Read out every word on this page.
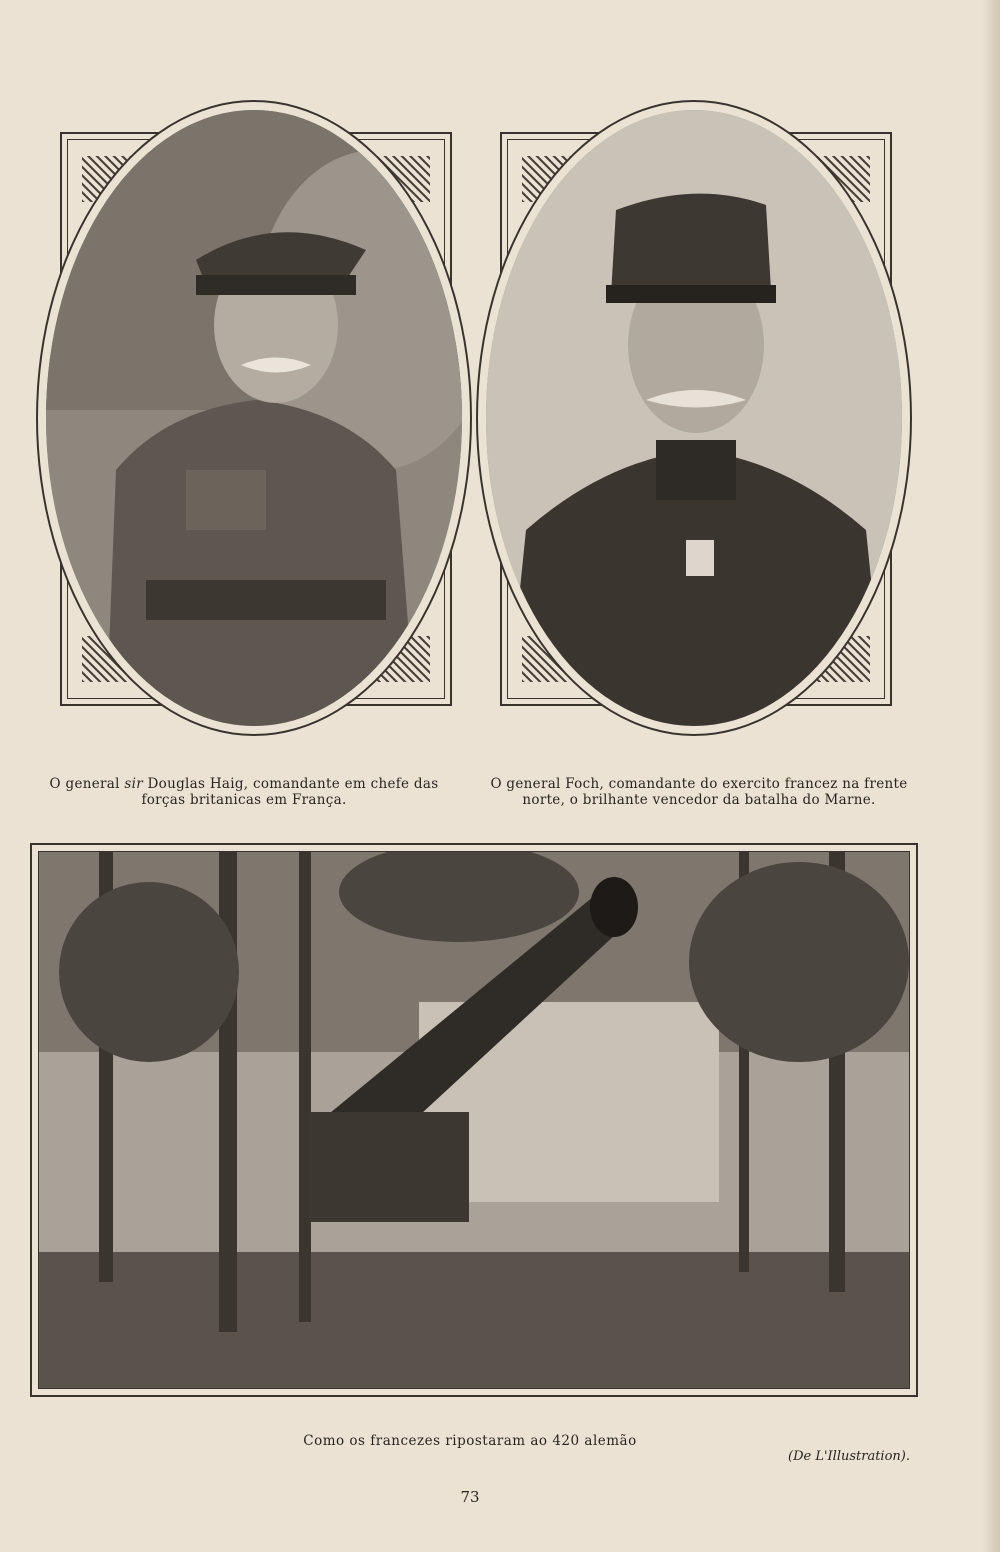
O general sir Douglas Haig, comandante em chefe das forças britanicas em França.
O general Foch, comandante do exercito francez na frente norte, o brilhante vencedor da batalha do Marne.
Como os francezes ripostaram ao 420 alemão
(De L'Illustration).
73
